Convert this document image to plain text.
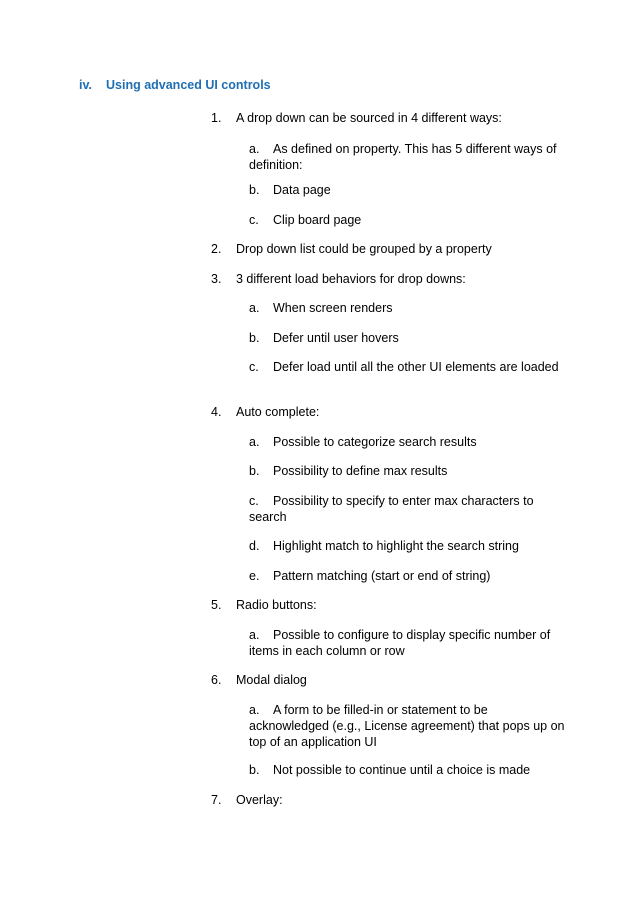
iv. Using advanced UI controls
1. A drop down can be sourced in 4 different ways:
a. As defined on property. This has 5 different ways of definition:
b. Data page
c. Clip board page
2. Drop down list could be grouped by a property
3. 3 different load behaviors for drop downs:
a. When screen renders
b. Defer until user hovers
c. Defer load until all the other UI elements are loaded
4. Auto complete:
a. Possible to categorize search results
b. Possibility to define max results
c. Possibility to specify to enter max characters to search
d. Highlight match to highlight the search string
e. Pattern matching (start or end of string)
5. Radio buttons:
a. Possible to configure to display specific number of items in each column or row
6. Modal dialog
a. A form to be filled-in or statement to be acknowledged (e.g., License agreement) that pops up on top of an application UI
b. Not possible to continue until a choice is made
7. Overlay:
